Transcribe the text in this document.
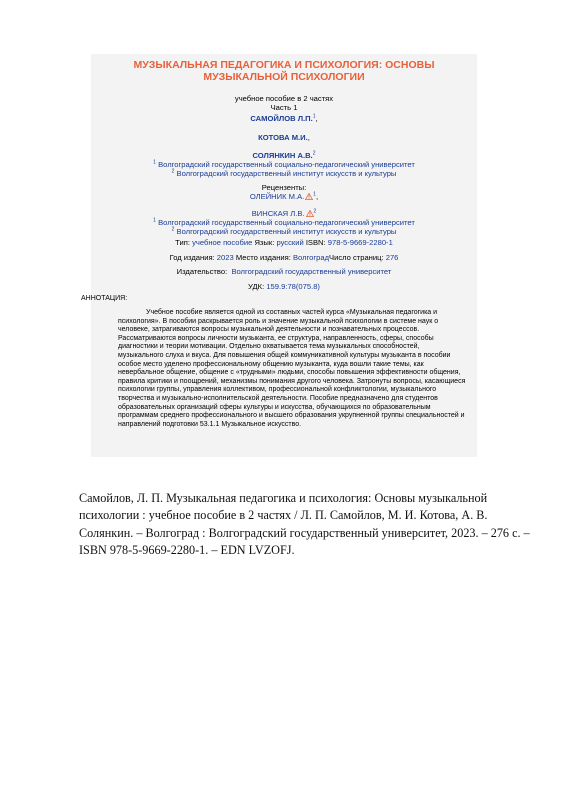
МУЗЫКАЛЬНАЯ ПЕДАГОГИКА И ПСИХОЛОГИЯ: ОСНОВЫ МУЗЫКАЛЬНОЙ ПСИХОЛОГИИ
учебное пособие в 2 частях
Часть 1
САМОЙЛОВ Л.П.$^1$,
КОТОВА М.И.,
СОЛЯНКИН А.В.$^2$
$^1$ Волгоградский государственный социально-педагогический университет
$^2$ Волгоградский государственный институт искусств и культуры
Рецензенты:
ОЛЕЙНИК М.А. $^1$,
ВИНСКАЯ Л.В. $^2$
$^1$ Волгоградский государственный социально-педагогический университет
$^2$ Волгоградский государственный институт искусств и культуры
Тип: учебное пособие Язык: русский ISBN: 978-5-9669-2280-1
Год издания: 2023 Место издания: ВолгоградЧисло страниц: 276
Издательство: Волгоградский государственный университет
УДК: 159.9:78(075.8)
АННОТАЦИЯ:
Учебное пособие является одной из составных частей курса «Музыкальная педагогика и психология». В пособии раскрывается роль и значение музыкальной психологии в системе наук о человеке, затрагиваются вопросы музыкальной деятельности и познавательных процессов. Рассматриваются вопросы личности музыканта, ее структура, направленность, сферы, способы диагностики и теории мотивации. Отдельно охватывается тема музыкальных способностей, музыкального слуха и вкуса. Для повышения общей коммуникативной культуры музыканта в пособии особое место уделено профессиональному общению музыканта, куда вошли такие темы, как невербальное общение, общение с «трудными» людьми, способы повышения эффективности общения, правила критики и поощрений, механизмы понимания другого человека. Затронуты вопросы, касающиеся психологии группы, управления коллективом, профессиональной конфликтологии, музыкального творчества и музыкально-исполнительской деятельности. Пособие предназначено для студентов образовательных организаций сферы культуры и искусства, обучающихся по образовательным программам среднего профессионального и высшего образования укрупненной группы специальностей и направлений подготовки 53.1.1 Музыкальное искусство.
Самойлов, Л. П. Музыкальная педагогика и психология: Основы музыкальной психологии : учебное пособие в 2 частях / Л. П. Самойлов, М. И. Котова, А. В. Солянкин. – Волгоград : Волгоградский государственный университет, 2023. – 276 с. – ISBN 978-5-9669-2280-1. – EDN LVZOFJ.
